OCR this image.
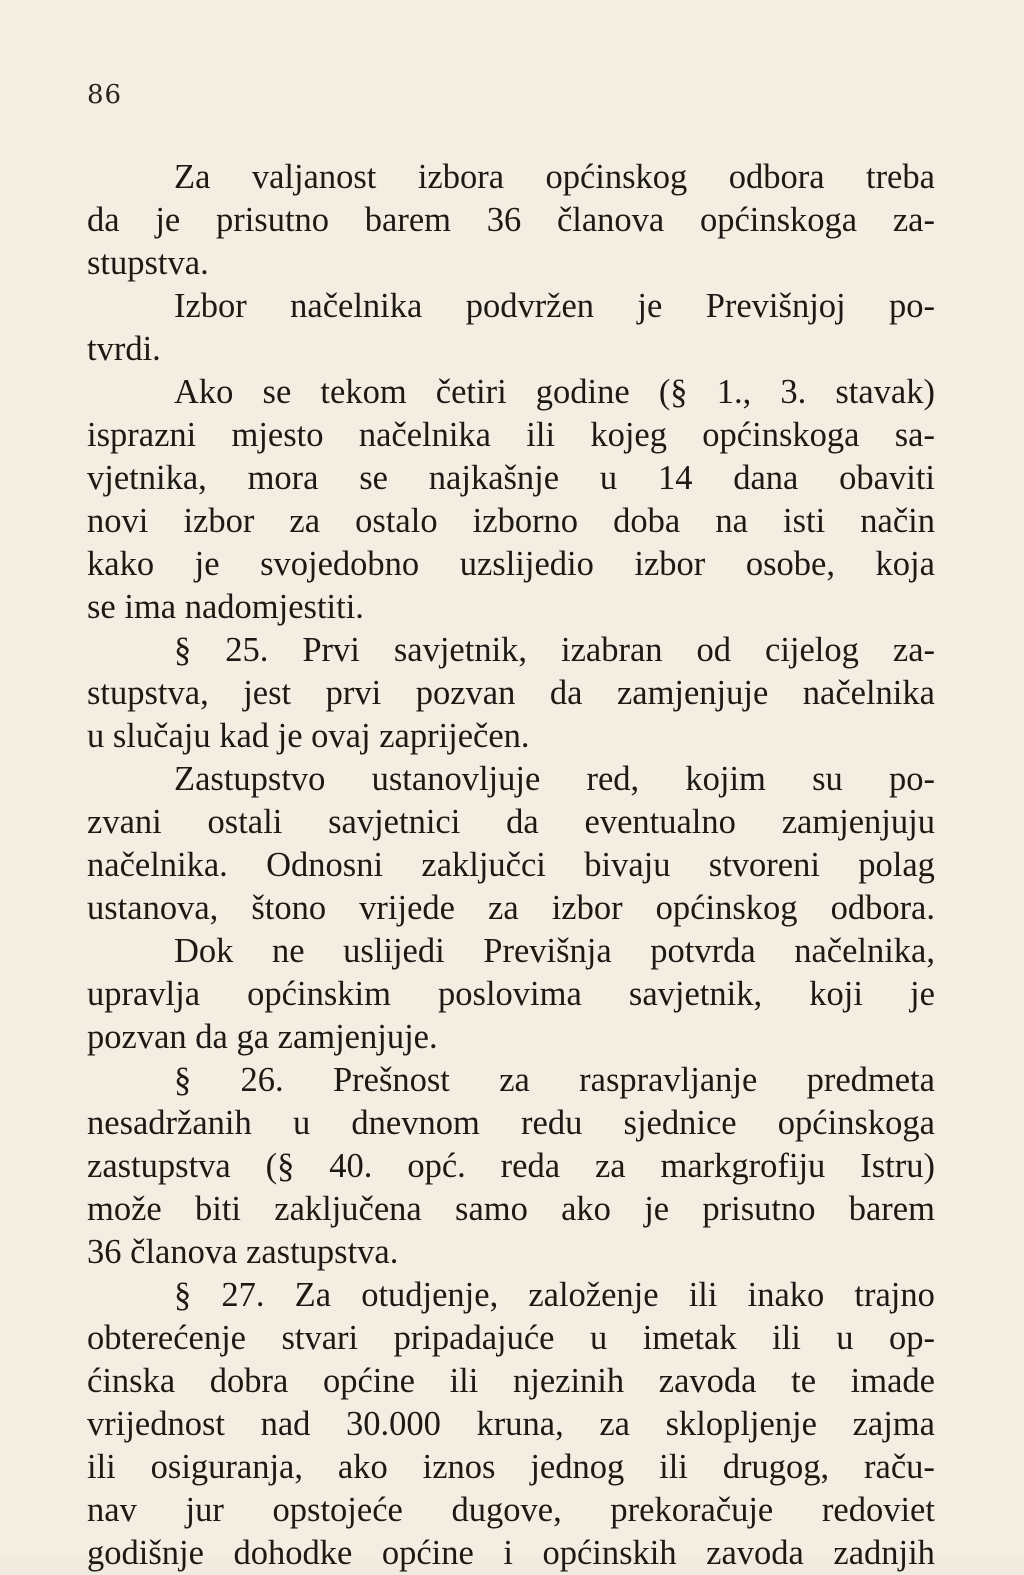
86
Za valjanost izbora općinskog odbora treba
da je prisutno barem 36 članova općinskoga za-
stupstva.
Izbor načelnika podvržen je Previšnjoj po-
tvrdi.
Ako se tekom četiri godine (§ 1., 3. stavak)
isprazni mjesto načelnika ili kojeg općinskoga sa-
vjetnika, mora se najkašnje u 14 dana obaviti
novi izbor za ostalo izborno doba na isti način
kako je svojedobno uzslijedio izbor osobe, koja
se ima nadomjestiti.
§ 25. Prvi savjetnik, izabran od cijelog za-
stupstva, jest prvi pozvan da zamjenjuje načelnika
u slučaju kad je ovaj zapriječen.
Zastupstvo ustanovljuje red, kojim su po-
zvani ostali savjetnici da eventualno zamjenjuju
načelnika. Odnosni zaključci bivaju stvoreni polag
ustanova, štono vrijede za izbor općinskog odbora.
Dok ne uslijedi Previšnja potvrda načelnika,
upravlja općinskim poslovima savjetnik, koji je
pozvan da ga zamjenjuje.
§ 26. Prešnost za raspravljanje predmeta
nesadržanih u dnevnom redu sjednice općinskoga
zastupstva (§ 40. opć. reda za markgrofiju Istru)
može biti zaključena samo ako je prisutno barem
36 članova zastupstva.
§ 27. Za otudjenje, založenje ili inako trajno
obterećenje stvari pripadajuće u imetak ili u op-
ćinska dobra općine ili njezinih zavoda te imade
vrijednost nad 30.000 kruna, za sklopljenje zajma
ili osiguranja, ako iznos jednog ili drugog, raču-
nav jur opstojeće dugove, prekoračuje redoviet
godišnje dohodke općine i općinskih zavoda zadnjih
